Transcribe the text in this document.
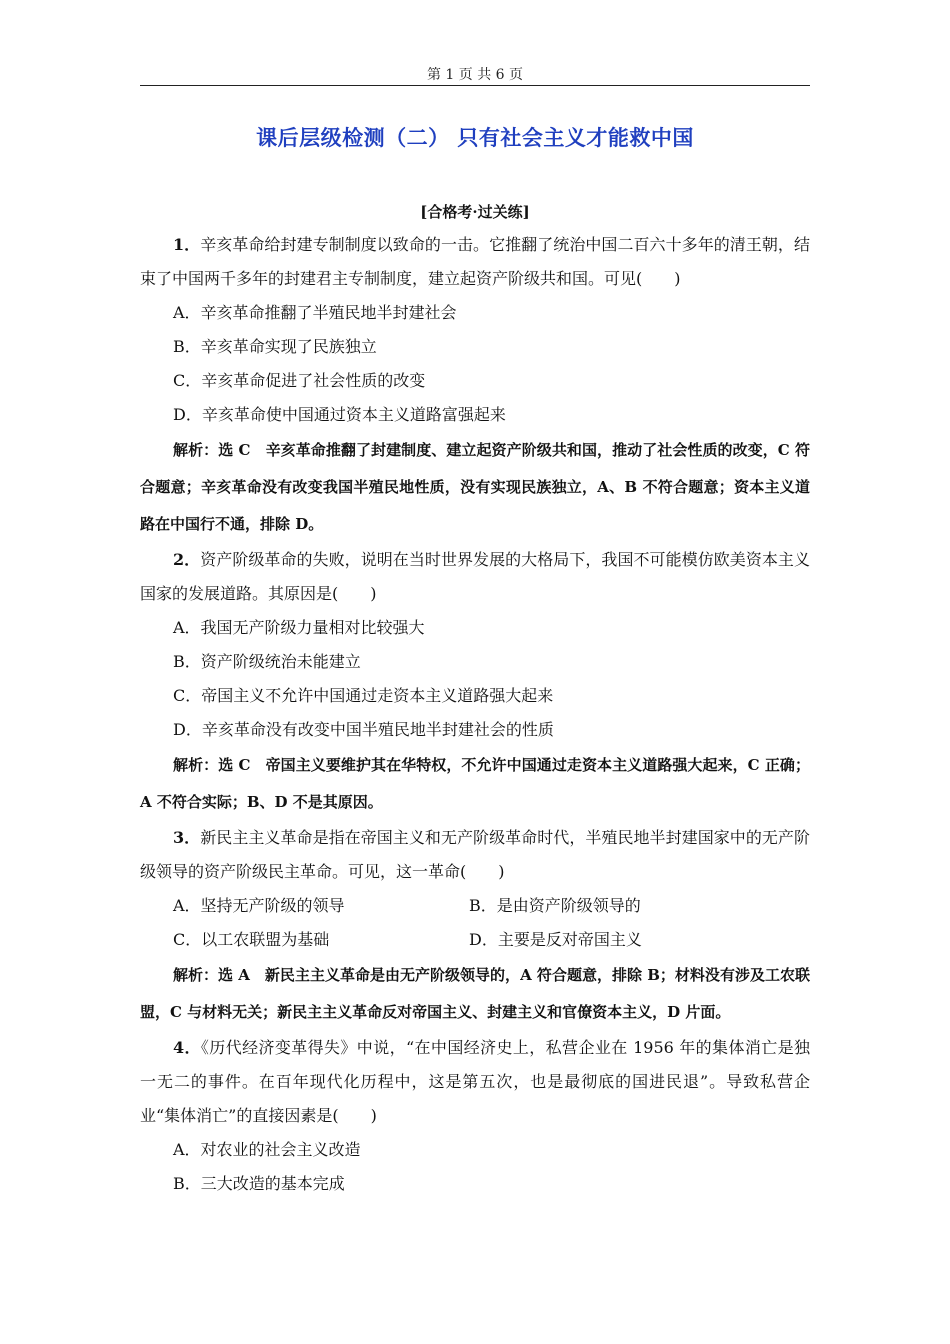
第 1 页 共 6 页
课后层级检测（二） 只有社会主义才能救中国
[合格考·过关练]

1．辛亥革命给封建专制制度以致命的一击。它推翻了统治中国二百六十多年的清王朝，结束了中国两千多年的封建君主专制制度，建立起资产阶级共和国。可见(　　)

A．辛亥革命推翻了半殖民地半封建社会
B．辛亥革命实现了民族独立
C．辛亥革命促进了社会性质的改变
D．辛亥革命使中国通过资本主义道路富强起来

解析：选 C　辛亥革命推翻了封建制度、建立起资产阶级共和国，推动了社会性质的改变，C 符合题意；辛亥革命没有改变我国半殖民地性质，没有实现民族独立，A、B 不符合题意；资本主义道路在中国行不通，排除 D。

2．资产阶级革命的失败，说明在当时世界发展的大格局下，我国不可能模仿欧美资本主义国家的发展道路。其原因是(　　)

A．我国无产阶级力量相对比较强大
B．资产阶级统治未能建立
C．帝国主义不允许中国通过走资本主义道路强大起来
D．辛亥革命没有改变中国半殖民地半封建社会的性质

解析：选 C　帝国主义要维护其在华特权，不允许中国通过走资本主义道路强大起来，C 正确；A 不符合实际；B、D 不是其原因。

3．新民主主义革命是指在帝国主义和无产阶级革命时代，半殖民地半封建国家中的无产阶级领导的资产阶级民主革命。可见，这一革命(　　)

A．坚持无产阶级的领导	B．是由资产阶级领导的
C．以工农联盟为基础	D．主要是反对帝国主义

解析：选 A　新民主主义革命是由无产阶级领导的，A 符合题意，排除 B；材料没有涉及工农联盟，C 与材料无关；新民主主义革命反对帝国主义、封建主义和官僚资本主义，D 片面。

4．《历代经济变革得失》中说，“在中国经济史上，私营企业在 1956 年的集体消亡是独一无二的事件。在百年现代化历程中，这是第五次，也是最彻底的国进民退”。导致私营企业“集体消亡”的直接因素是(　　)

A．对农业的社会主义改造
B．三大改造的基本完成
